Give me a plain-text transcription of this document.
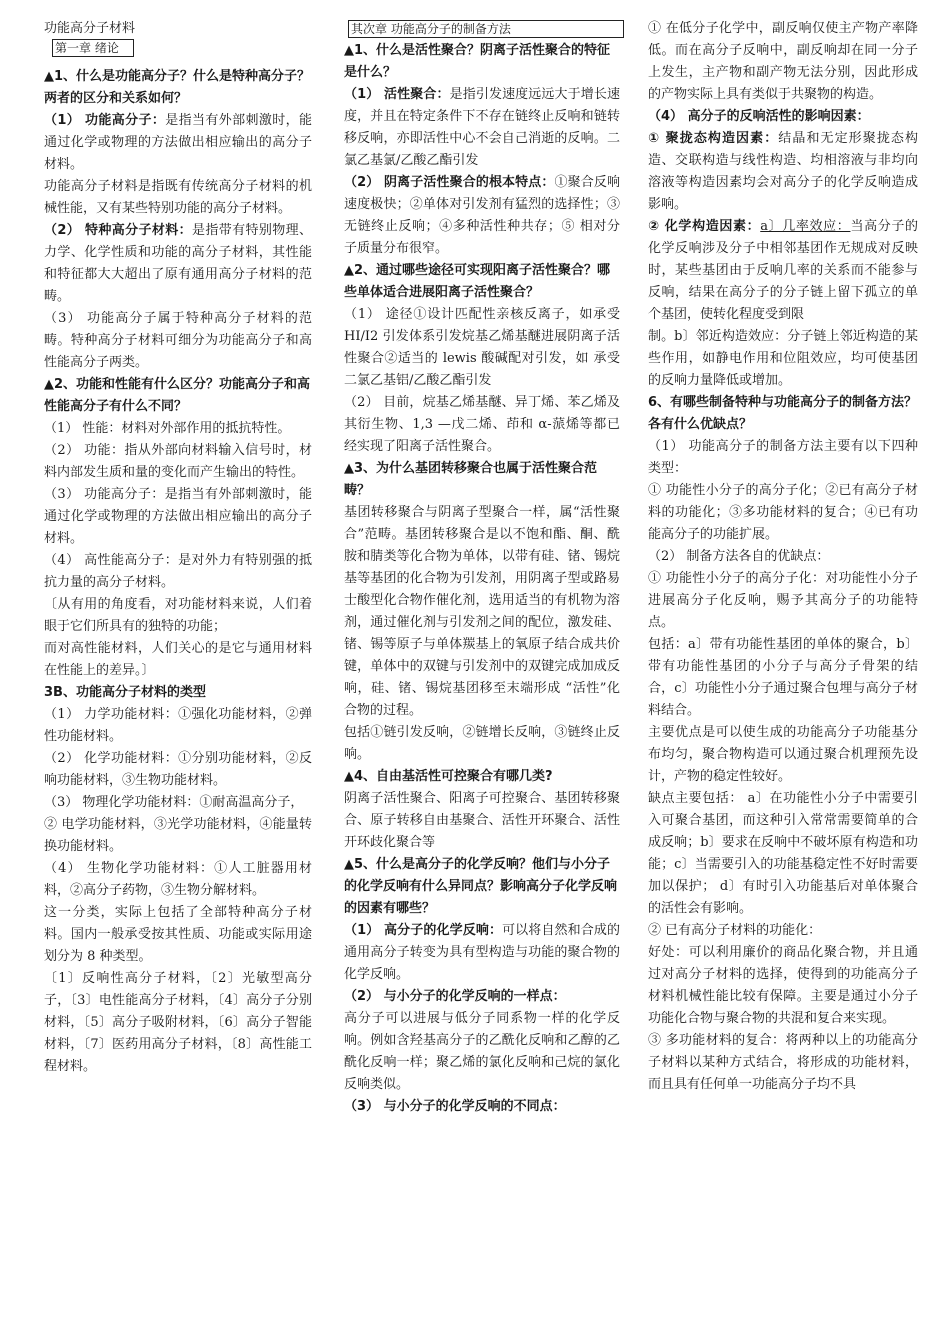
功能高分子材料
第一章 绪论

▲1、什么是功能高分子？什么是特种高分子？两者的区分和关系如何？

（1） 功能高分子：是指当有外部刺激时，能通过化学或物理的方法做出相应输出的高分子材料。

功能高分子材料是指既有传统高分子材料的机械性能，又有某些特别功能的高分子材料。

（2） 特种高分子材料：是指带有特别物理、力学、化学性质和功能的高分子材料，其性能和特征都大大超出了原有通用高分子材料的范畴。

（3） 功能高分子属于特种高分子材料的范畴。特种高分子材料可细分为功能高分子和高性能高分子两类。

▲2、功能和性能有什么区分？功能高分子和高性能高分子有什么不同？

（1） 性能：材料对外部作用的抵抗特性。

（2） 功能：指从外部向材料输入信号时，材料内部发生质和量的变化而产生输出的特性。

（3） 功能高分子：是指当有外部刺激时，能通过化学或物理的方法做出相应输出的高分子材料。

（4） 高性能高分子：是对外力有特别强的抵抗力量的高分子材料。

〔从有用的角度看，对功能材料来说，人们着眼于它们所具有的独特的功能；

而对高性能材料，人们关心的是它与通用材料在性能上的差异。〕

3B、功能高分子材料的类型

（1） 力学功能材料：①强化功能材料，②弹性功能材料。

（2） 化学功能材料：①分别功能材料，②反响功能材料，③生物功能材料。

（3） 物理化学功能材料：①耐高温高分子，

② 电学功能材料，③光学功能材料，④能量转换功能材料。

（4） 生物化学功能材料：①人工脏器用材料，②高分子药物，③生物分解材料。

这一分类，实际上包括了全部特种高分子材料。国内一般承受按其性质、功能或实际用途划分为 8 种类型。

〔1〕反响性高分子材料，〔2〕光敏型高分子，〔3〕电性能高分子材料，〔4〕高分子分别材料，〔5〕高分子吸附材料，〔6〕高分子智能材料，〔7〕医药用高分子材料，〔8〕高性能工程材料。

其次章 功能高分子的制备方法

▲1、什么是活性聚合？阴离子活性聚合的特征是什么？

（1） 活性聚合：是指引发速度远远大于增长速度，并且在特定条件下不存在链终止反响和链转移反响，亦即活性中心不会自己消逝的反响。二氯乙基氯/乙酸乙酯引发

（2） 阴离子活性聚合的根本特点：①聚合反响速度极快；②单体对引发剂有猛烈的选择性；③无链终止反响；④多种活性种共存；⑤ 相对分子质量分布很窄。

▲2、通过哪些途径可实现阳离子活性聚合？哪些单体适合进展阳离子活性聚合？

（1） 途径①设计匹配性亲核反离子，如承受 HI/I2 引发体系引发烷基乙烯基醚进展阴离子活性聚合②适当的 lewis 酸碱配对引发，如 承受二氯乙基铝/乙酸乙酯引发

（2） 目前，烷基乙烯基醚、异丁烯、苯乙烯及其衍生物、1,3 —戊二烯、茚和 α-蒎烯等都已经实现了阳离子活性聚合。

▲3、为什么基团转移聚合也属于活性聚合范畴？

基团转移聚合与阴离子型聚合一样，属“活性聚合”范畴。基团转移聚合是以不饱和酯、酮、酰胺和腈类等化合物为单体，以带有硅、锗、锡烷基等基团的化合物为引发剂，用阴离子型或路易士酸型化合物作催化剂，选用适当的有机物为溶剂，通过催化剂与引发剂之间的配位，激发硅、锗、锡等原子与单体羰基上的氧原子结合成共价键，单体中的双键与引发剂中的双键完成加成反响，硅、锗、锡烷基团移至末端形成 “活性”化合物的过程。

包括①链引发反响，②链增长反响，③链终止反响。

▲4、自由基活性可控聚合有哪几类?

阴离子活性聚合、阳离子可控聚合、基团转移聚合、原子转移自由基聚合、活性开环聚合、活性开环歧化聚合等

▲5、什么是高分子的化学反响？他们与小分子的化学反响有什么异同点？影响高分子化学反响的因素有哪些？

（1） 高分子的化学反响：可以将自然和合成的通用高分子转变为具有型构造与功能的聚合物的化学反响。

（2） 与小分子的化学反响的一样点：
高分子可以进展与低分子同系物一样的化学反响。例如含羟基高分子的乙酰化反响和乙醇的乙酰化反响一样；聚乙烯的氯化反响和己烷的氯化反响类似。

（3） 与小分子的化学反响的不同点：

① 在低分子化学中，副反响仅使主产物产率降低。而在高分子反响中，副反响却在同一分子上发生，主产物和副产物无法分别，因此形成的产物实际上具有类似于共聚物的构造。

（4） 高分子的反响活性的影响因素：

① 聚拢态构造因素：结晶和无定形聚拢态构造、交联构造与线性构造、均相溶液与非均向溶液等构造因素均会对高分子的化学反响造成影响。

② 化学构造因素：a〕几率效应：当高分子的化学反响涉及分子中相邻基团作无规成对反映时，某些基团由于反响几率的关系而不能参与反响，结果在高分子的分子链上留下孤立的单个基团，使转化程度受到限

制。b〕邻近构造效应：分子链上邻近构造的某些作用，如静电作用和位阻效应，均可使基团的反响力量降低或增加。

6、有哪些制备特种与功能高分子的制备方法？各有什么优缺点？

（1） 功能高分子的制备方法主要有以下四种类型：

① 功能性小分子的高分子化；②已有高分子材料的功能化；③多功能材料的复合；④已有功能高分子的功能扩展。

（2） 制备方法各自的优缺点：

① 功能性小分子的高分子化：对功能性小分子进展高分子化反响，赐予其高分子的功能特点。

包括：a〕带有功能性基团的单体的聚合，b〕带有功能性基团的小分子与高分子骨架的结合，c〕功能性小分子通过聚合包埋与高分子材料结合。

主要优点是可以使生成的功能高分子功能基分布均匀，聚合物构造可以通过聚合机理预先设计，产物的稳定性较好。

缺点主要包括： a〕在功能性小分子中需要引入可聚合基团，而这种引入常常需要简单的合成反响；b〕要求在反响中不破坏原有构造和功能；c〕当需要引入的功能基稳定性不好时需要加以保护； d〕有时引入功能基后对单体聚合的活性会有影响。

② 已有高分子材料的功能化：

好处：可以利用廉价的商品化聚合物，并且通过对高分子材料的选择，使得到的功能高分子材料机械性能比较有保障。主要是通过小分子功能化合物与聚合物的共混和复合来实现。

③ 多功能材料的复合：将两种以上的功能高分子材料以某种方式结合，将形成的功能材料，而且具有任何单一功能高分子均不具
